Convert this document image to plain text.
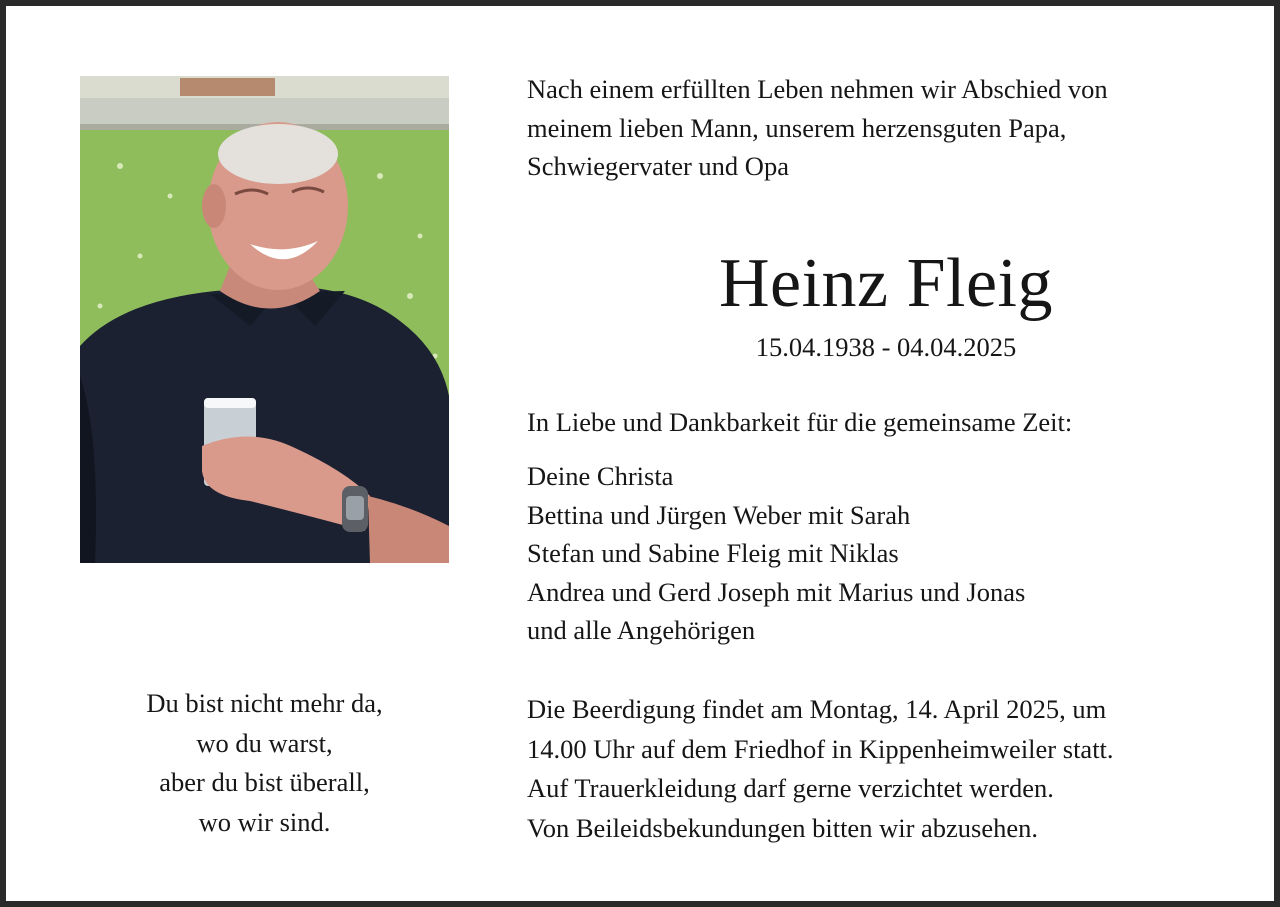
Nach einem erfüllten Leben nehmen wir Abschied von
meinem lieben Mann, unserem herzensguten Papa,
Schwiegervater und Opa
Heinz Fleig
15.04.1938 - 04.04.2025
In Liebe und Dankbarkeit für die gemeinsame Zeit:
Deine Christa
Bettina und Jürgen Weber mit Sarah
Stefan und Sabine Fleig mit Niklas
Andrea und Gerd Joseph mit Marius und Jonas
und alle Angehörigen
Du bist nicht mehr da,
wo du warst,
aber du bist überall,
wo wir sind.
Die Beerdigung findet am Montag, 14. April 2025, um
14.00 Uhr auf dem Friedhof in Kippenheimweiler statt.
Auf Trauerkleidung darf gerne verzichtet werden.
Von Beileidsbekundungen bitten wir abzusehen.
